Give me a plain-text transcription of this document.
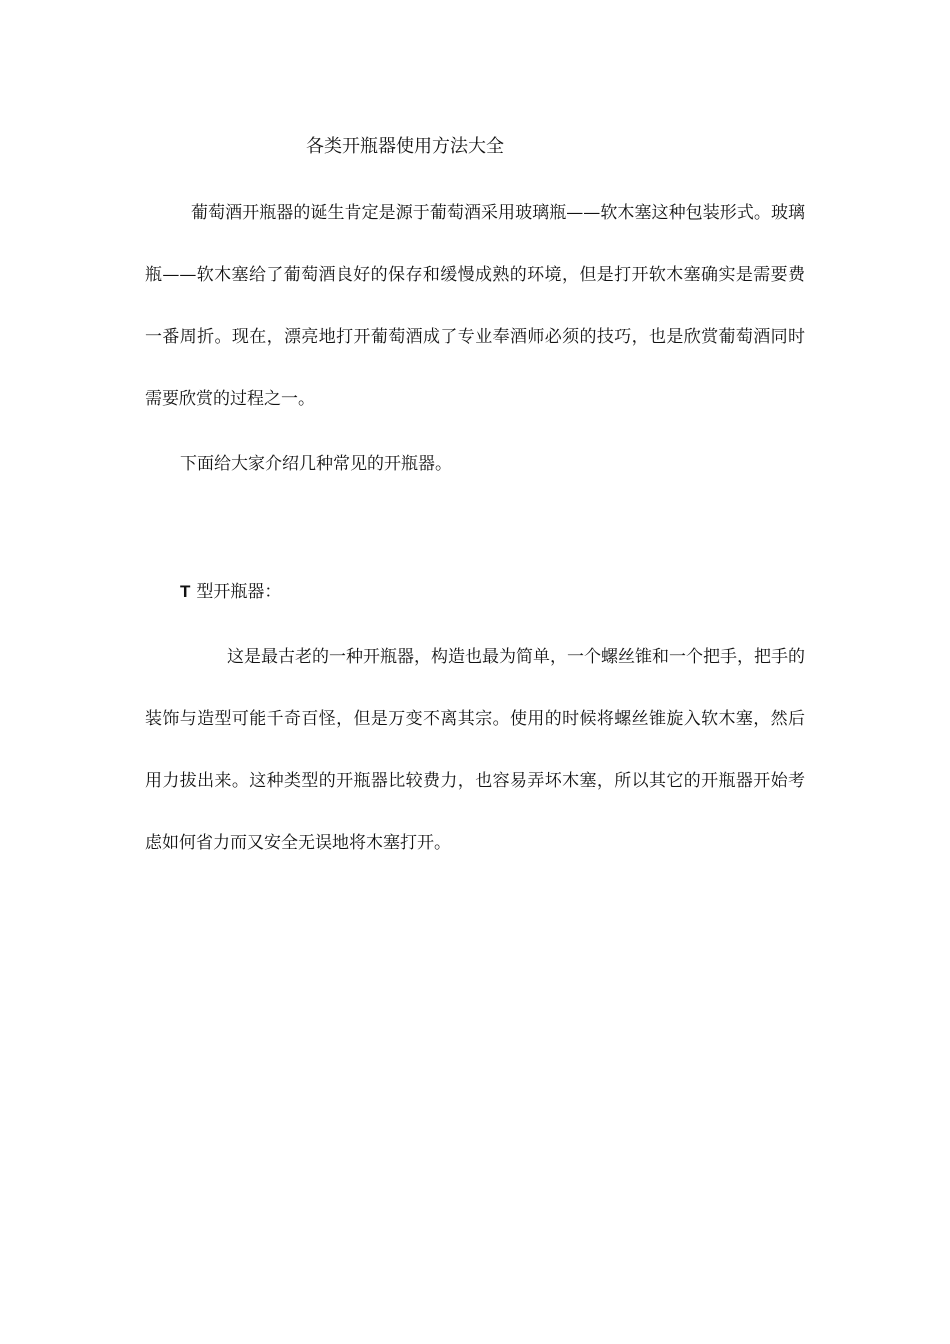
各类开瓶器使用方法大全

葡萄酒开瓶器的诞生肯定是源于葡萄酒采用玻璃瓶——软木塞这种包装形式。玻璃瓶——软木塞给了葡萄酒良好的保存和缓慢成熟的环境，但是打开软木塞确实是需要费一番周折。现在，漂亮地打开葡萄酒成了专业奉酒师必须的技巧，也是欣赏葡萄酒同时需要欣赏的过程之一。

下面给大家介绍几种常见的开瓶器。
T 型开瓶器：

这是最古老的一种开瓶器，构造也最为简单，一个螺丝锥和一个把手，把手的装饰与造型可能千奇百怪，但是万变不离其宗。使用的时候将螺丝锥旋入软木塞，然后用力拔出来。这种类型的开瓶器比较费力，也容易弄坏木塞，所以其它的开瓶器开始考虑如何省力而又安全无误地将木塞打开。
